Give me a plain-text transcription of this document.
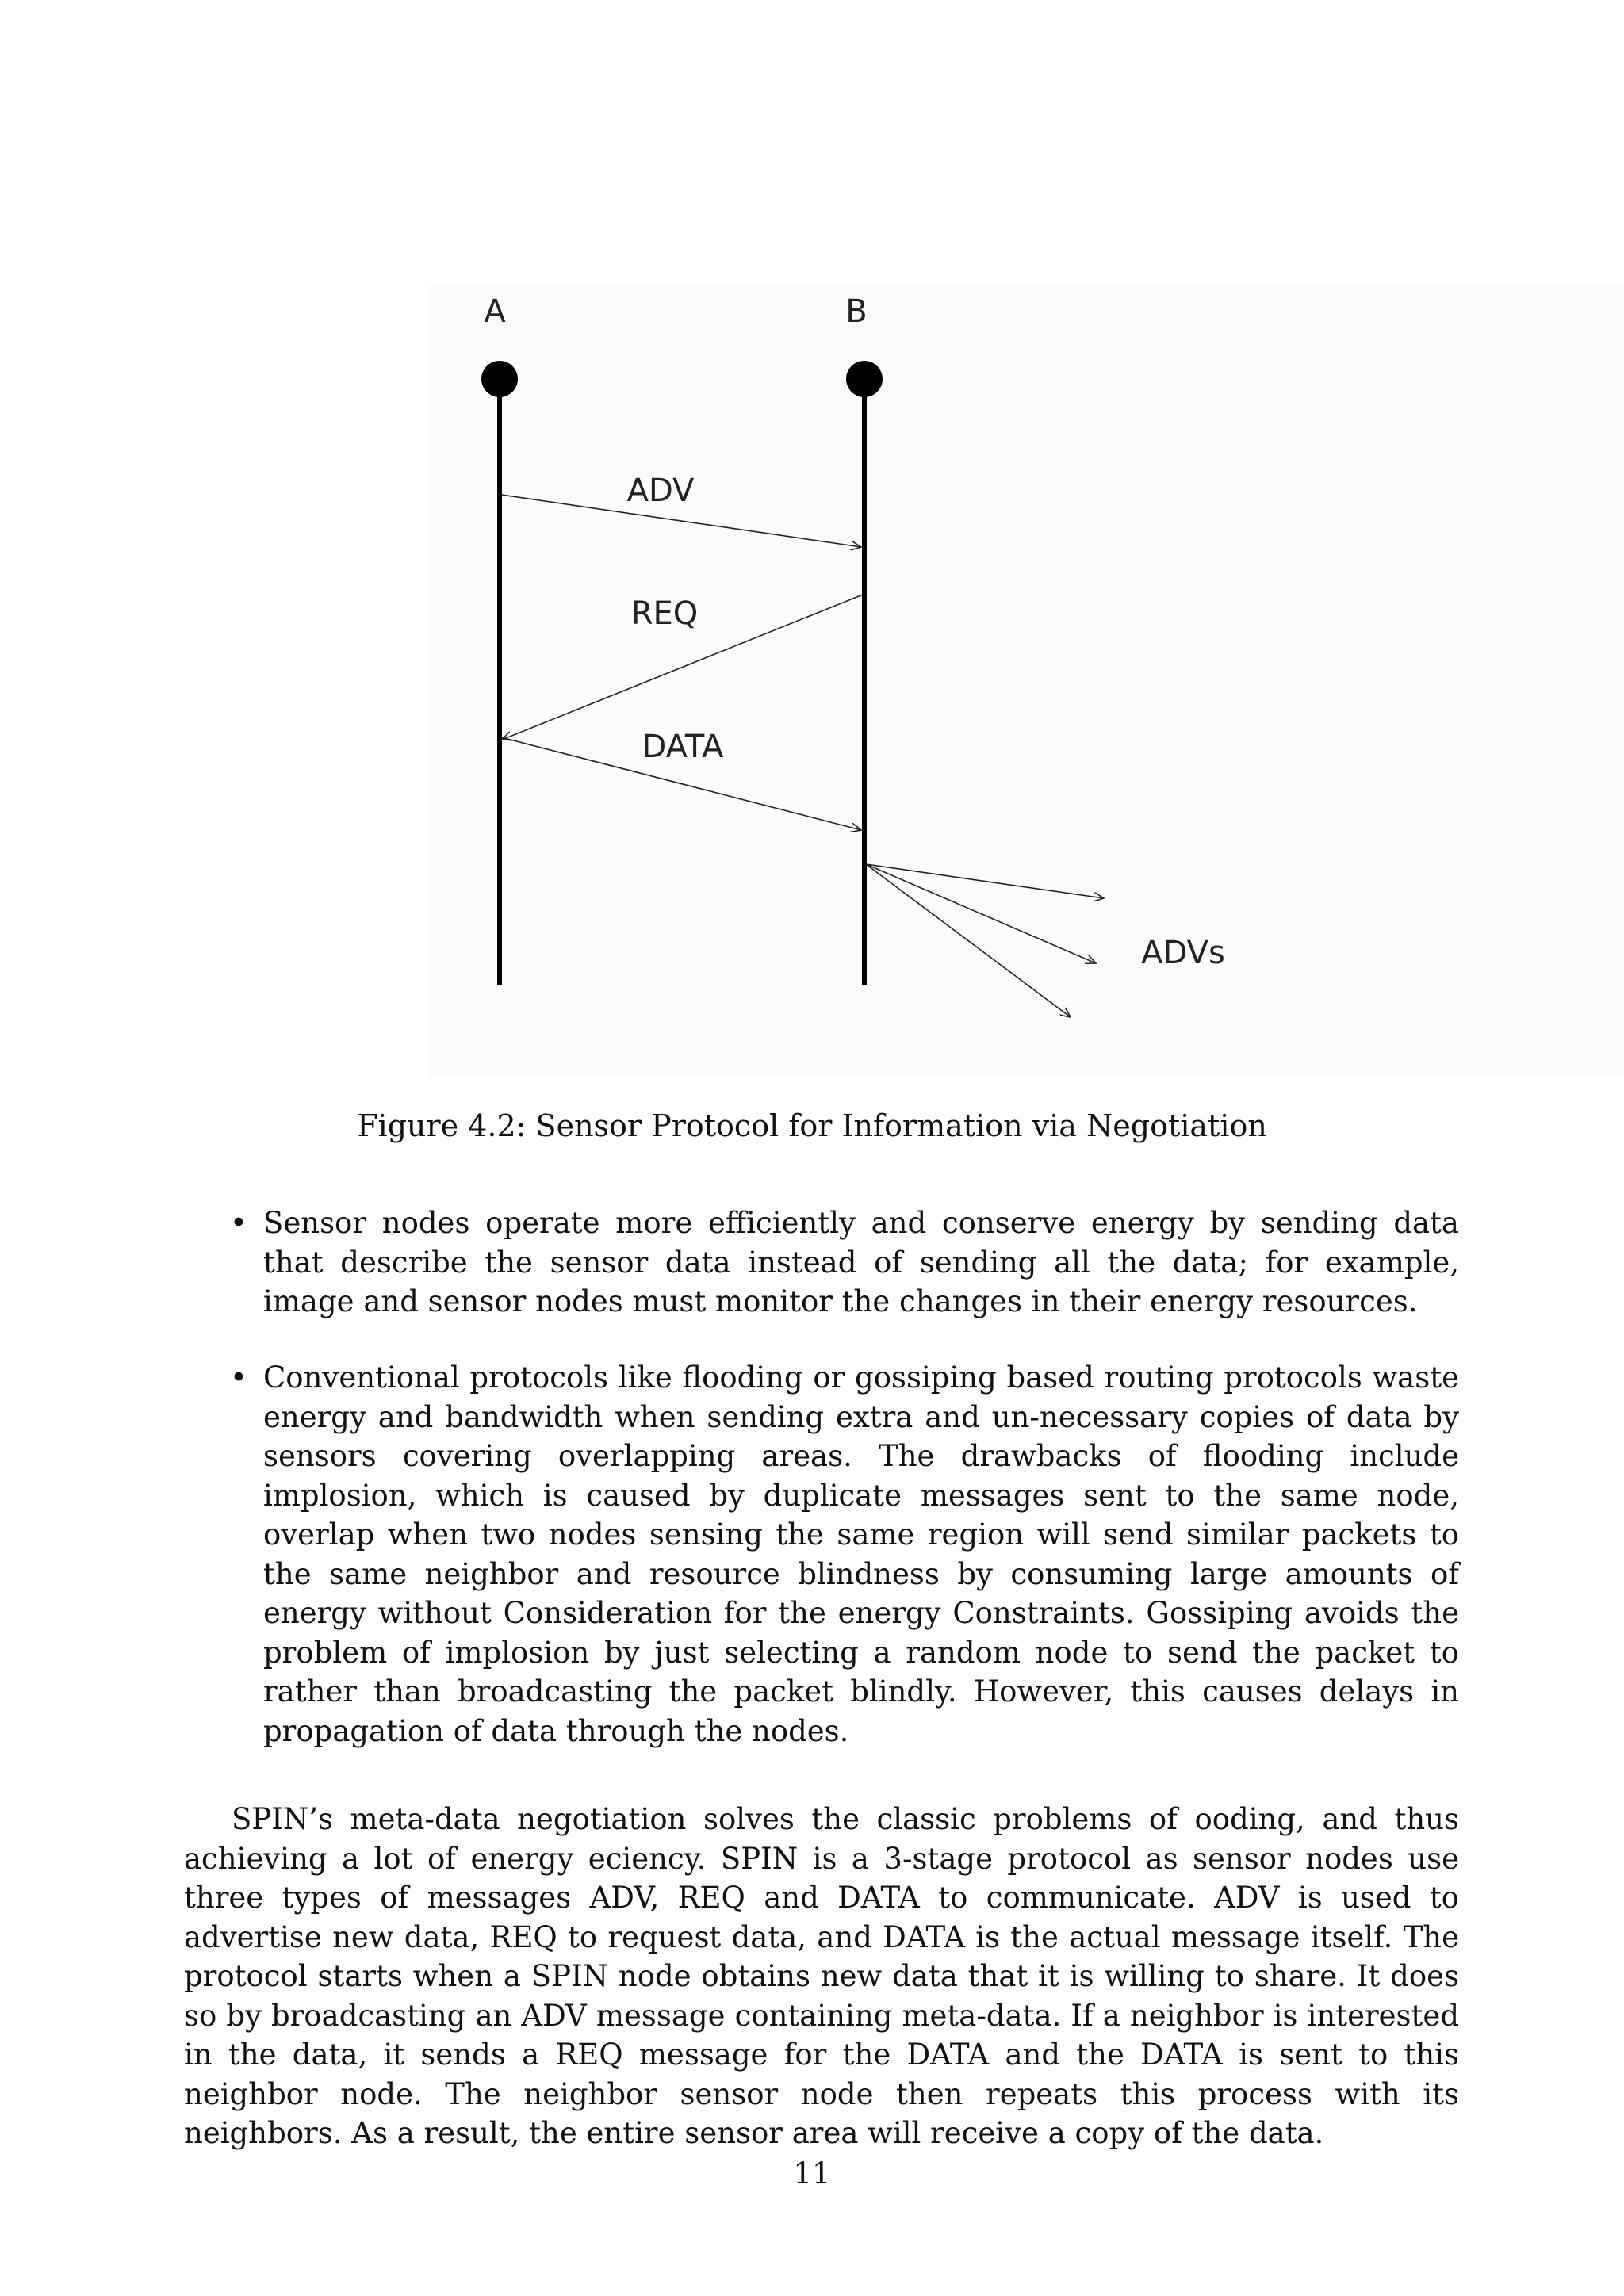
A	B
ADV
REQ
DATA
ADVs
Figure 4.2: Sensor Protocol for Information via Negotiation
• Sensor nodes operate more efficiently and conserve energy by sending data that describe the sensor data instead of sending all the data; for example, image and sensor nodes must monitor the changes in their energy resources.
• Conventional protocols like flooding or gossiping based routing protocols waste energy and bandwidth when sending extra and un-necessary copies of data by sensors covering overlapping areas. The drawbacks of flooding include implosion, which is caused by duplicate messages sent to the same node, overlap when two nodes sensing the same region will send similar packets to the same neighbor and resource blindness by consuming large amounts of energy without Consideration for the energy Constraints. Gossiping avoids the problem of implosion by just selecting a random node to send the packet to rather than broadcasting the packet blindly. However, this causes delays in propagation of data through the nodes.

SPIN’s meta-data negotiation solves the classic problems of ooding, and thus achieving a lot of energy eciency. SPIN is a 3-stage protocol as sensor nodes use three types of messages ADV, REQ and DATA to communicate. ADV is used to advertise new data, REQ to request data, and DATA is the actual message itself. The protocol starts when a SPIN node obtains new data that it is willing to share. It does so by broadcasting an ADV message containing meta-data. If a neighbor is interested in the data, it sends a REQ message for the DATA and the DATA is sent to this neighbor node. The neighbor sensor node then repeats this process with its neighbors. As a result, the entire sensor area will receive a copy of the data.

11
